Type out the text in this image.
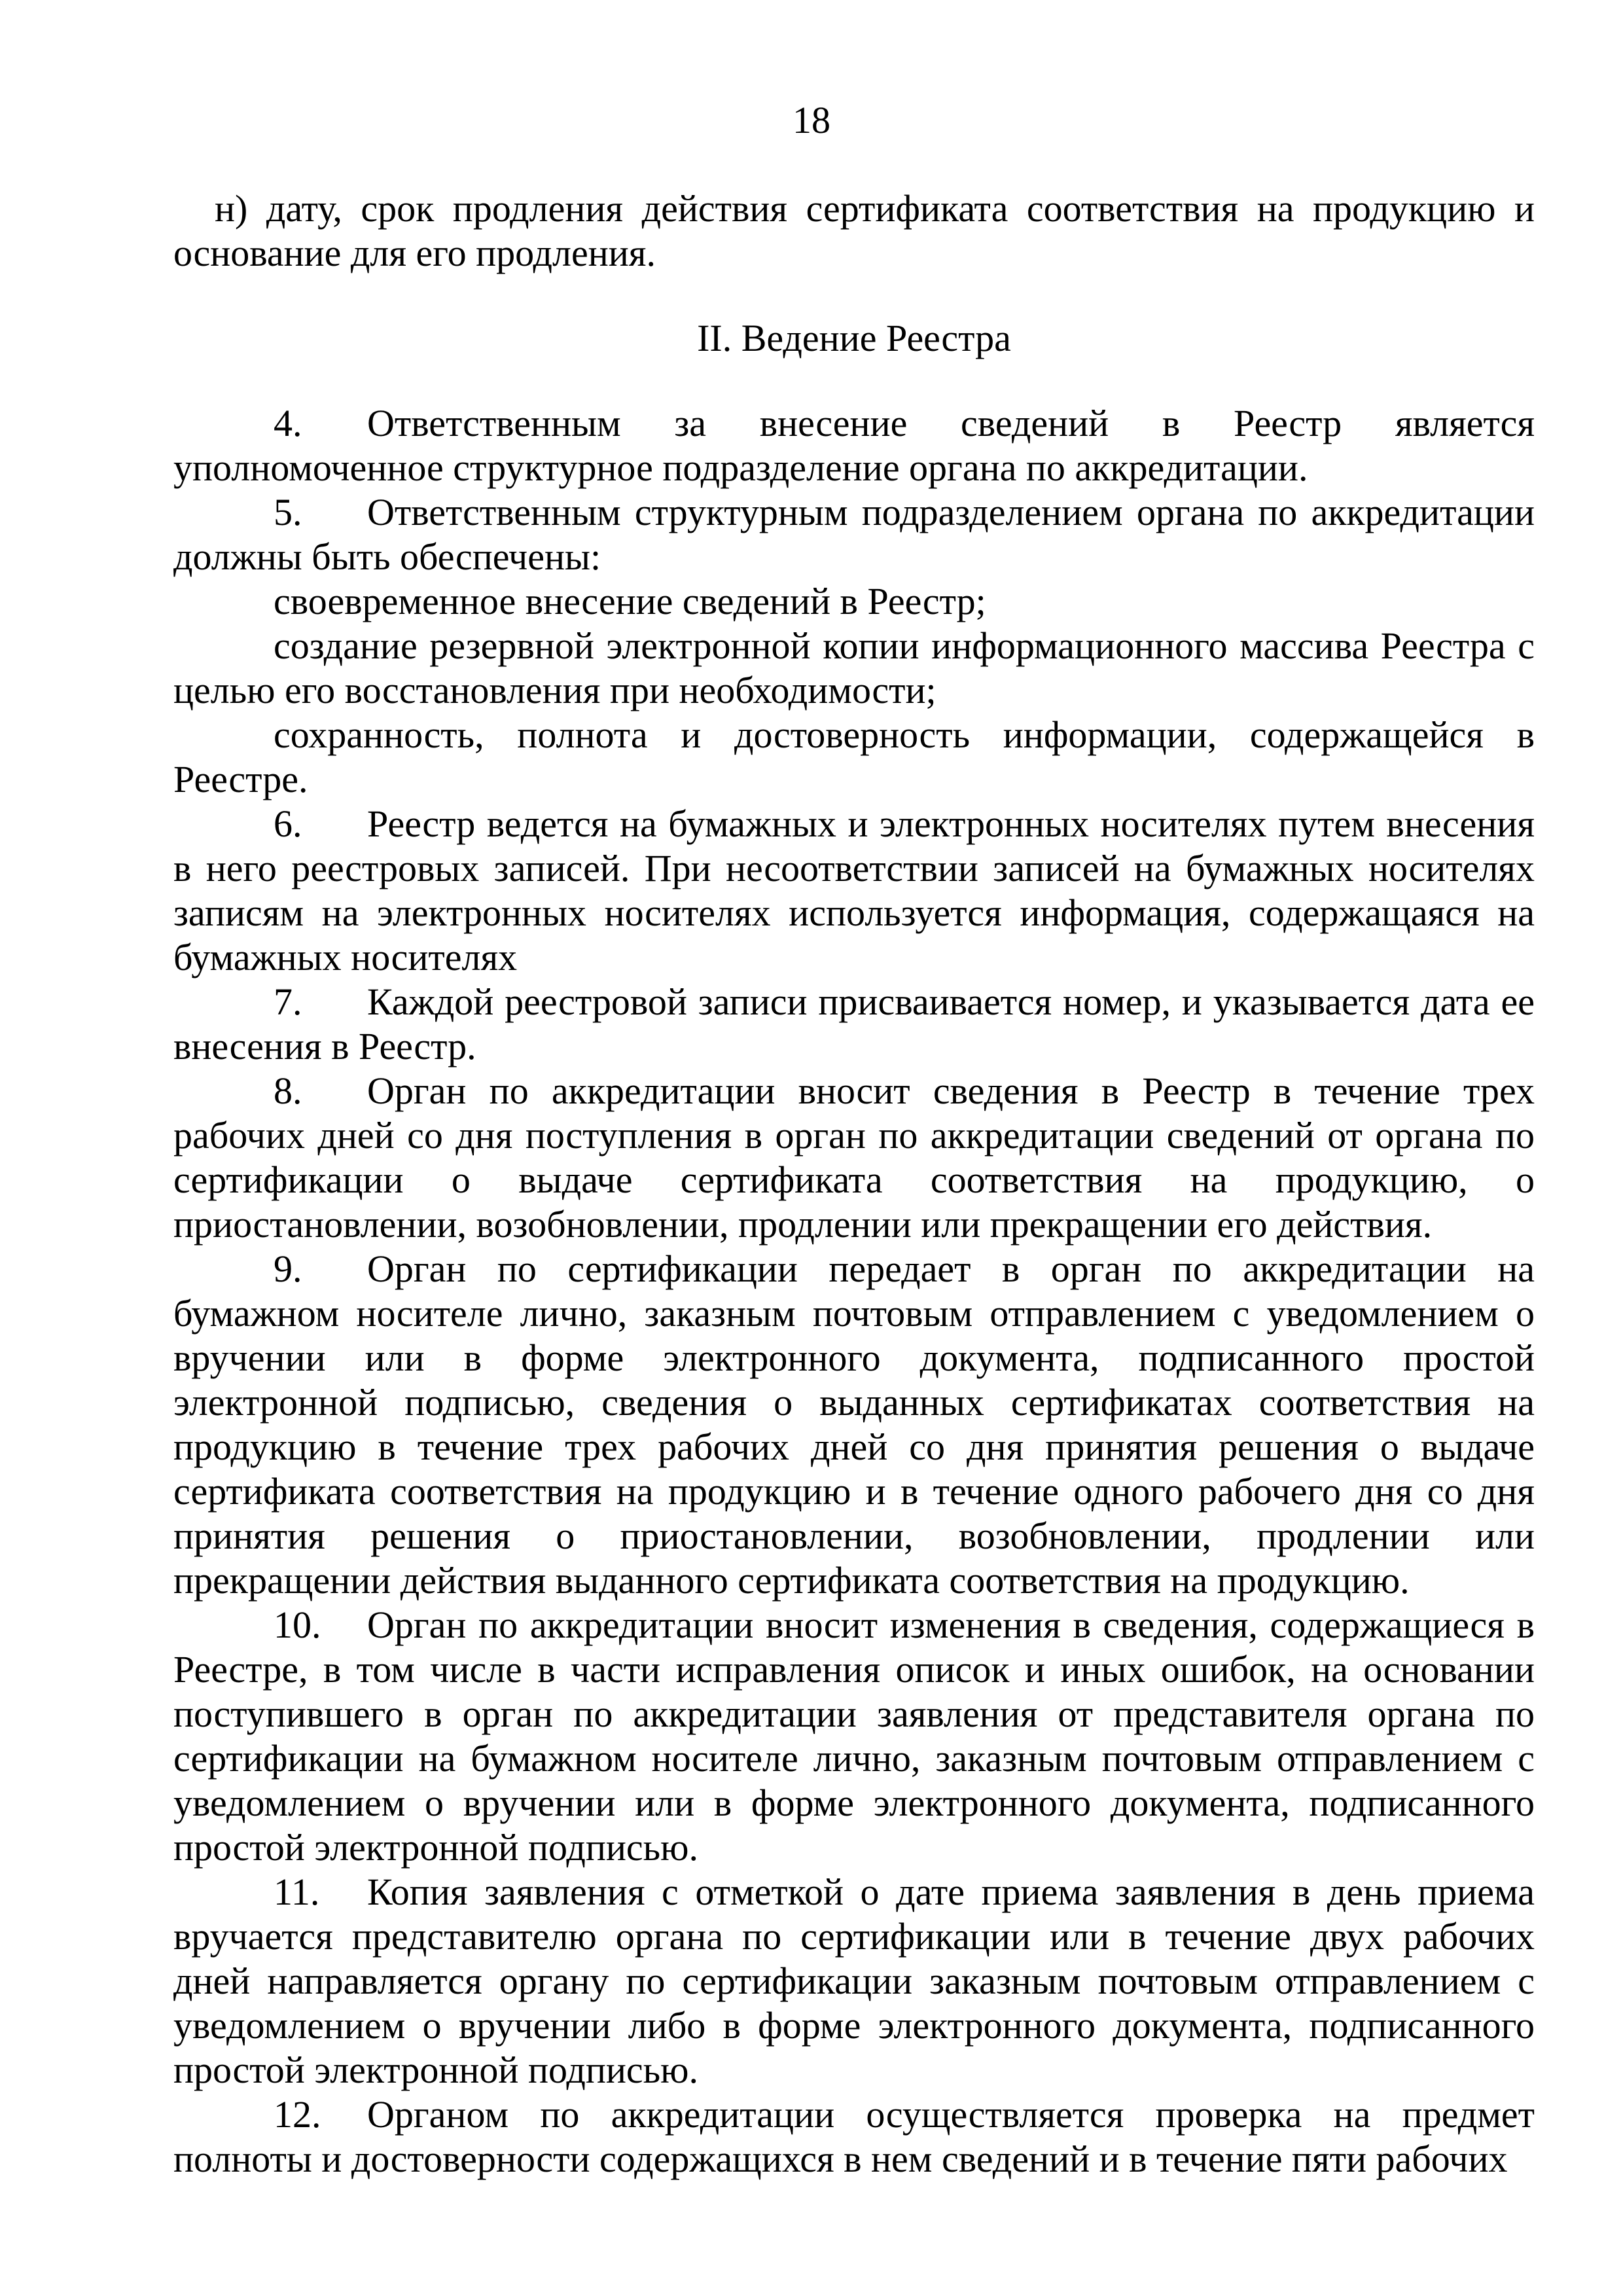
18

н) дату, срок продления действия сертификата соответствия на продукцию и основание для его продления.

II. Ведение Реестра

4. Ответственным за внесение сведений в Реестр является уполномоченное структурное подразделение органа по аккредитации.

5. Ответственным структурным подразделением органа по аккредитации должны быть обеспечены:

своевременное внесение сведений в Реестр;

создание резервной электронной копии информационного массива Реестра с целью его восстановления при необходимости;

сохранность, полнота и достоверность информации, содержащейся в Реестре.

6. Реестр ведется на бумажных и электронных носителях путем внесения в него реестровых записей. При несоответствии записей на бумажных носителях записям на электронных носителях используется информация, содержащаяся на бумажных носителях

7. Каждой реестровой записи присваивается номер, и указывается дата ее внесения в Реестр.

8. Орган по аккредитации вносит сведения в Реестр в течение трех рабочих дней со дня поступления в орган по аккредитации сведений от органа по сертификации о выдаче сертификата соответствия на продукцию, о приостановлении, возобновлении, продлении или прекращении его действия.

9. Орган по сертификации передает в орган по аккредитации на бумажном носителе лично, заказным почтовым отправлением с уведомлением о вручении или в форме электронного документа, подписанного простой электронной подписью, сведения о выданных сертификатах соответствия на продукцию в течение трех рабочих дней со дня принятия решения о выдаче сертификата соответствия на продукцию и в течение одного рабочего дня со дня принятия решения о приостановлении, возобновлении, продлении или прекращении действия выданного сертификата соответствия на продукцию.

10. Орган по аккредитации вносит изменения в сведения, содержащиеся в Реестре, в том числе в части исправления описок и иных ошибок, на основании поступившего в орган по аккредитации заявления от представителя органа по сертификации на бумажном носителе лично, заказным почтовым отправлением с уведомлением о вручении или в форме электронного документа, подписанного простой электронной подписью.

11. Копия заявления с отметкой о дате приема заявления в день приема вручается представителю органа по сертификации или в течение двух рабочих дней направляется органу по сертификации заказным почтовым отправлением с уведомлением о вручении либо в форме электронного документа, подписанного простой электронной подписью.

12. Органом по аккредитации осуществляется проверка на предмет полноты и достоверности содержащихся в нем сведений и в течение пяти рабочих
